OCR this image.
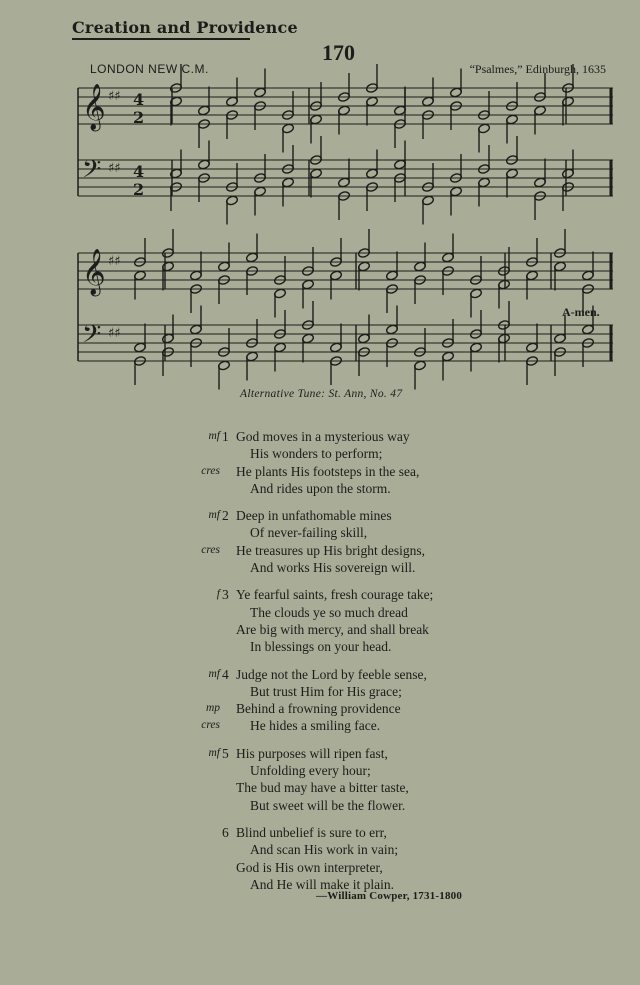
Creation and Providence
170
LONDON NEW C.M.	“Psalmes,” Edinburgh, 1635
𝄞 ♯♯ 4
2
𝄢 ♯♯ 4
2
𝄞 ♯♯
𝄢 ♯♯
A-men.
Alternative Tune: St. Ann, No. 47
mf 1 God moves in a mysterious way
His wonders to perform;
cres He plants His footsteps in the sea,
And rides upon the storm.
mf 2 Deep in unfathomable mines
Of never-failing skill,
cres He treasures up His bright designs,
And works His sovereign will.
f 3 Ye fearful saints, fresh courage take;
The clouds ye so much dread
Are big with mercy, and shall break
In blessings on your head.
mf 4 Judge not the Lord by feeble sense,
But trust Him for His grace;
mp Behind a frowning providence
cres He hides a smiling face.
mf 5 His purposes will ripen fast,
Unfolding every hour;
The bud may have a bitter taste,
But sweet will be the flower.
6 Blind unbelief is sure to err,
And scan His work in vain;
God is His own interpreter,
And He will make it plain.
—William Cowper, 1731-1800
